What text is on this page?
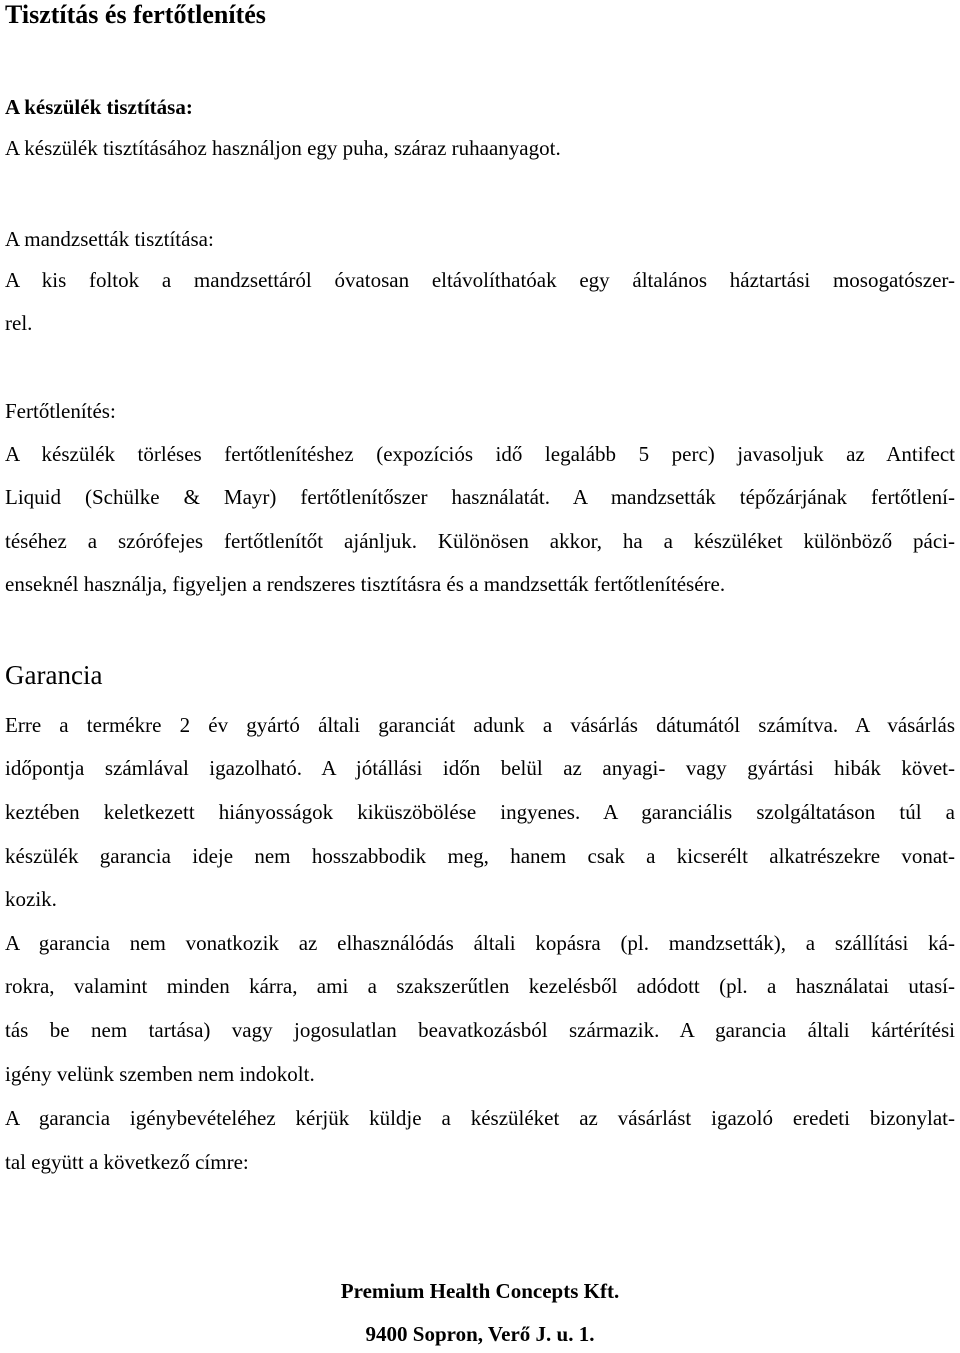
Tisztítás és fertőtlenítés
A készülék tisztítása:
A készülék tisztításához használjon egy puha, száraz ruhaanyagot.
A mandzsetták tisztítása:
A kis foltok a mandzsettáról óvatosan eltávolíthatóak egy általános háztartási mosogatószer-
rel.
Fertőtlenítés:
A készülék törléses fertőtlenítéshez (expozíciós idő legalább 5 perc) javasoljuk az Antifect
Liquid (Schülke & Mayr) fertőtlenítőszer használatát. A mandzsetták tépőzárjának fertőtlení-
téséhez a szórófejes fertőtlenítőt ajánljuk. Különösen akkor, ha a készüléket különböző páci-
enseknél használja, figyeljen a rendszeres tisztításra és a mandzsetták fertőtlenítésére.
Garancia
Erre a termékre 2 év gyártó általi garanciát adunk a vásárlás dátumától számítva. A vásárlás
időpontja számlával igazolható. A jótállási időn belül az anyagi- vagy gyártási hibák követ-
keztében keletkezett hiányosságok kiküszöbölése ingyenes. A garanciális szolgáltatáson túl a
készülék garancia ideje nem hosszabbodik meg, hanem csak a kicserélt alkatrészekre vonat-
kozik.
A garancia nem vonatkozik az elhasználódás általi kopásra (pl. mandzsetták), a szállítási ká-
rokra, valamint minden kárra, ami a szakszerűtlen kezelésből adódott (pl. a használatai utasí-
tás be nem tartása) vagy jogosulatlan beavatkozásból származik. A garancia általi kártérítési
igény velünk szemben nem indokolt.
A garancia igénybevételéhez kérjük küldje a készüléket az vásárlást igazoló eredeti bizonylat-
tal együtt a következő címre:
Premium Health Concepts Kft.
9400 Sopron, Verő J. u. 1.
